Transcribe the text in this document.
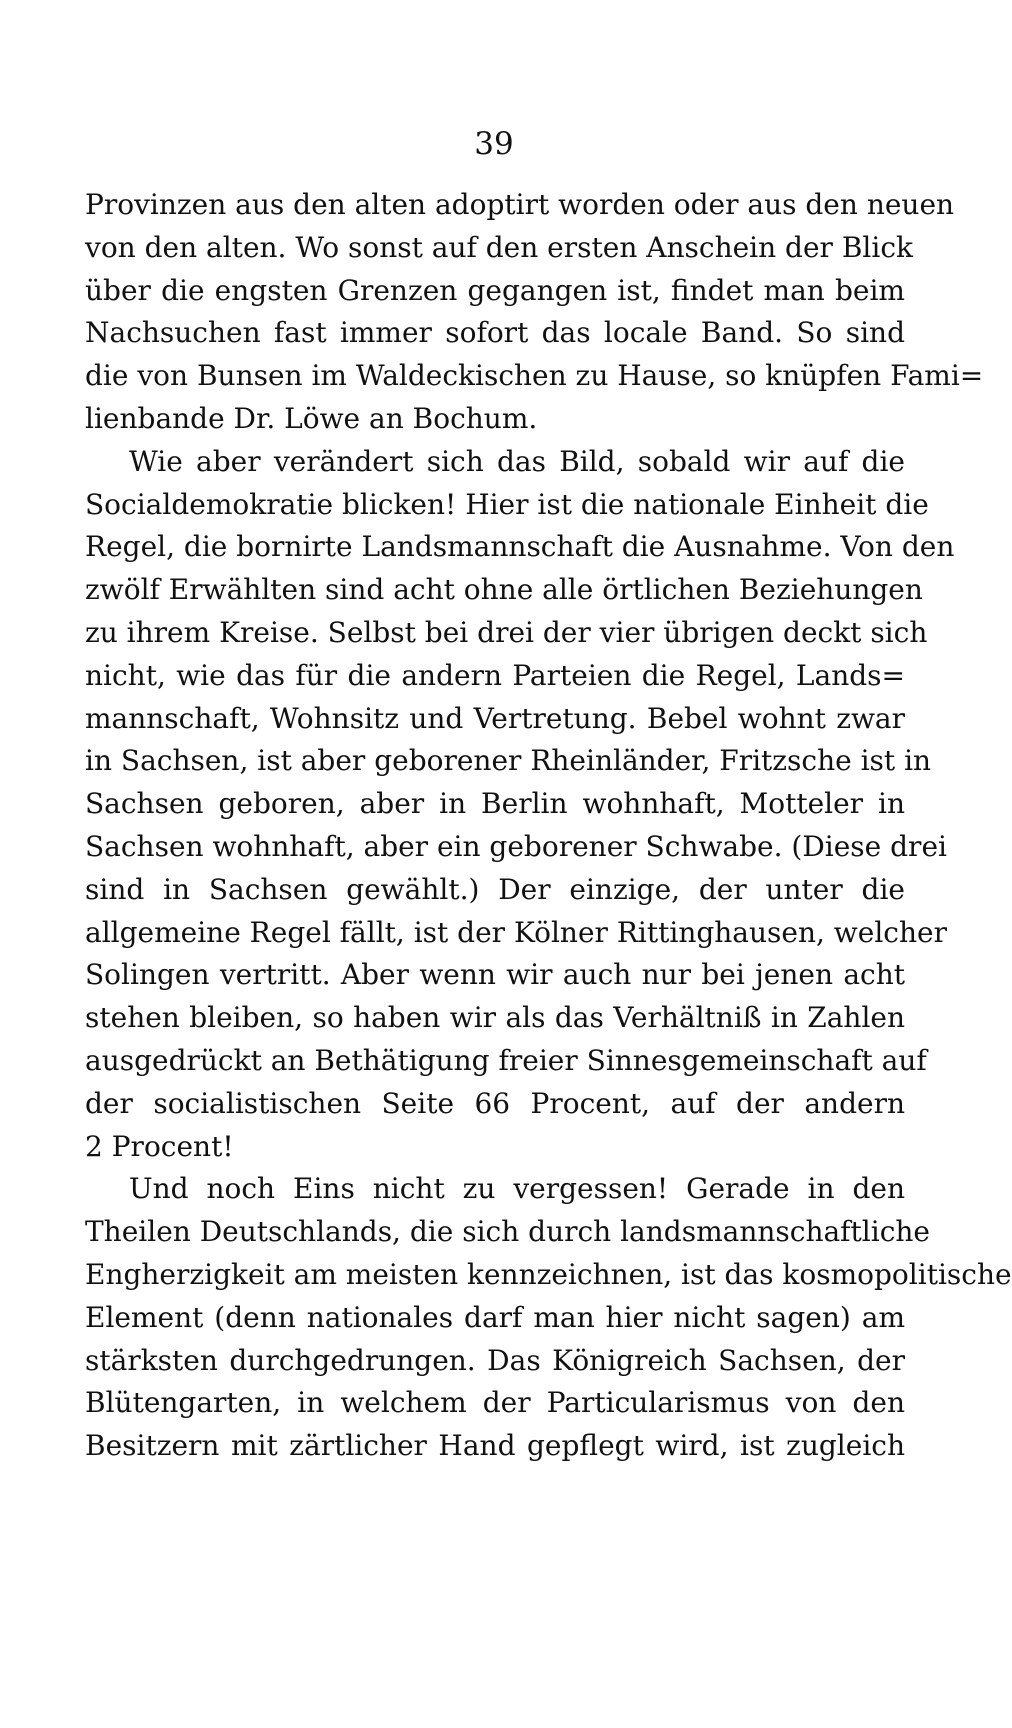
39
Provinzen aus den alten adoptirt worden oder aus den neuen
von den alten. Wo sonst auf den ersten Anschein der Blick
über die engsten Grenzen gegangen ist, findet man beim
Nachsuchen fast immer sofort das locale Band. So sind
die von Bunsen im Waldeckischen zu Hause, so knüpfen Fami=
lienbande Dr. Löwe an Bochum.
Wie aber verändert sich das Bild, sobald wir auf die
Socialdemokratie blicken! Hier ist die nationale Einheit die
Regel, die bornirte Landsmannschaft die Ausnahme. Von den
zwölf Erwählten sind acht ohne alle örtlichen Beziehungen
zu ihrem Kreise. Selbst bei drei der vier übrigen deckt sich
nicht, wie das für die andern Parteien die Regel, Lands=
mannschaft, Wohnsitz und Vertretung. Bebel wohnt zwar
in Sachsen, ist aber geborener Rheinländer, Fritzsche ist in
Sachsen geboren, aber in Berlin wohnhaft, Motteler in
Sachsen wohnhaft, aber ein geborener Schwabe. (Diese drei
sind in Sachsen gewählt.) Der einzige, der unter die
allgemeine Regel fällt, ist der Kölner Rittinghausen, welcher
Solingen vertritt. Aber wenn wir auch nur bei jenen acht
stehen bleiben, so haben wir als das Verhältniß in Zahlen
ausgedrückt an Bethätigung freier Sinnesgemeinschaft auf
der socialistischen Seite 66 Procent, auf der andern
2 Procent!
Und noch Eins nicht zu vergessen! Gerade in den
Theilen Deutschlands, die sich durch landsmannschaftliche
Engherzigkeit am meisten kennzeichnen, ist das kosmopolitische
Element (denn nationales darf man hier nicht sagen) am
stärksten durchgedrungen. Das Königreich Sachsen, der
Blütengarten, in welchem der Particularismus von den
Besitzern mit zärtlicher Hand gepflegt wird, ist zugleich
